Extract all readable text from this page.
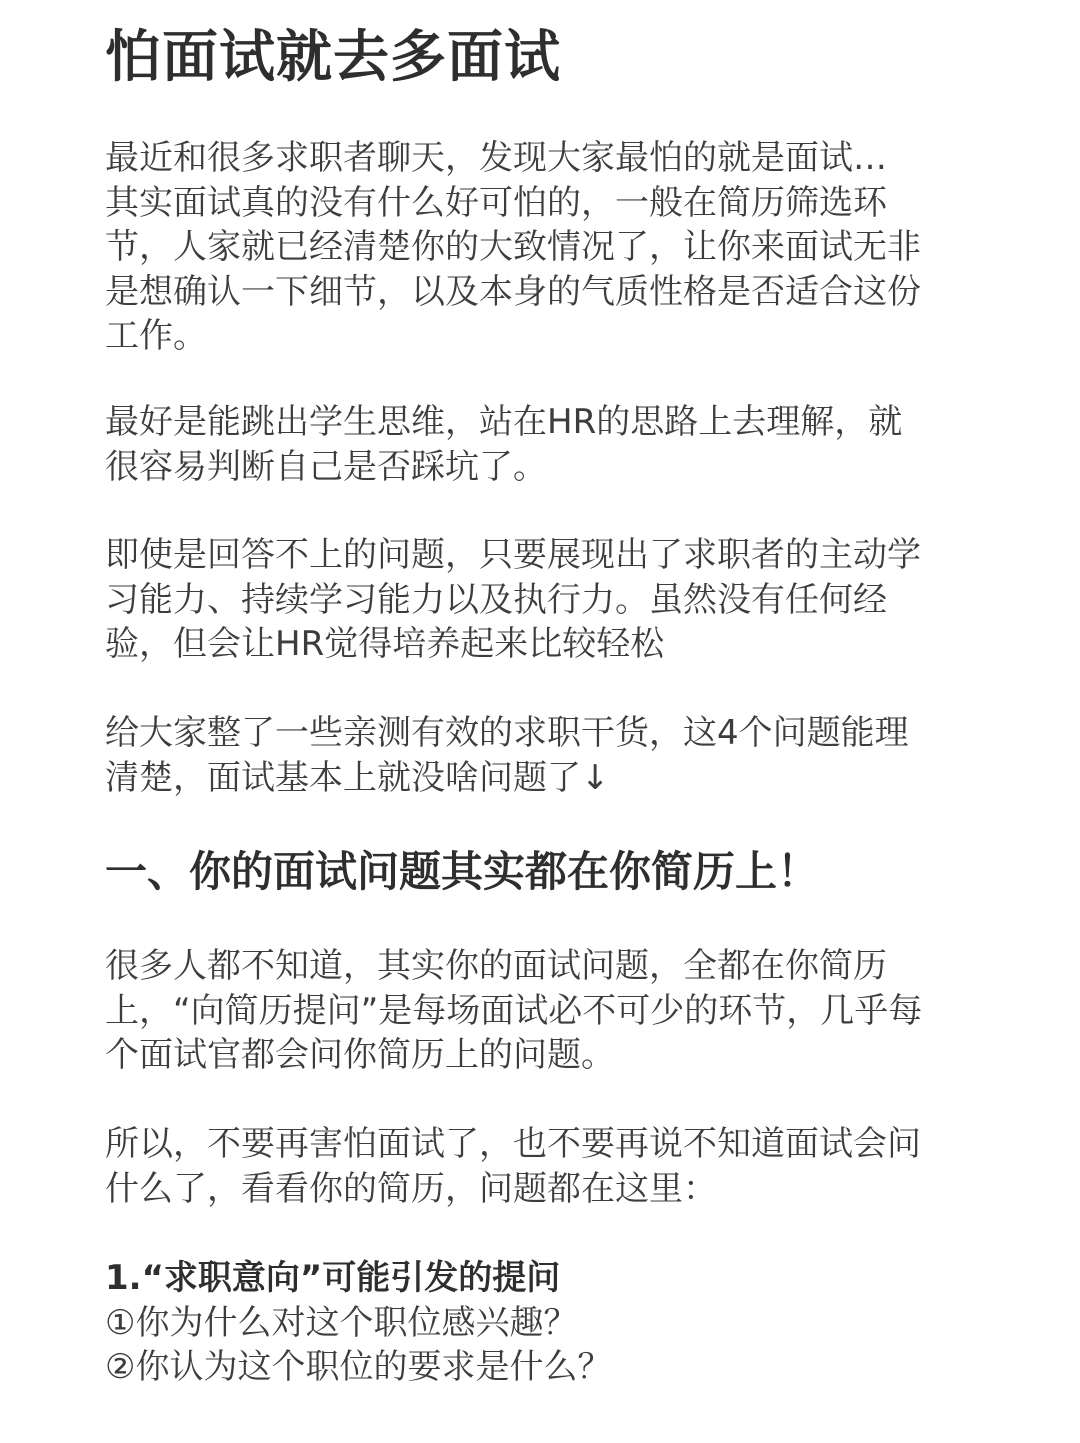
怕面试就去多面试
最近和很多求职者聊天，发现大家最怕的就是面试…
其实面试真的没有什么好可怕的，一般在简历筛选环
节，人家就已经清楚你的大致情况了，让你来面试无非
是想确认一下细节，以及本身的气质性格是否适合这份
工作。
最好是能跳出学生思维，站在HR的思路上去理解，就
很容易判断自己是否踩坑了。
即使是回答不上的问题，只要展现出了求职者的主动学
习能力、持续学习能力以及执行力。虽然没有任何经
验，但会让HR觉得培养起来比较轻松
给大家整了一些亲测有效的求职干货，这4个问题能理
清楚，面试基本上就没啥问题了↓
一、你的面试问题其实都在你简历上！
很多人都不知道，其实你的面试问题，全都在你简历
上，“向简历提问”是每场面试必不可少的环节，几乎每
个面试官都会问你简历上的问题。
所以，不要再害怕面试了，也不要再说不知道面试会问
什么了，看看你的简历，问题都在这里：
1.“求职意向”可能引发的提问
①你为什么对这个职位感兴趣？
②你认为这个职位的要求是什么？
